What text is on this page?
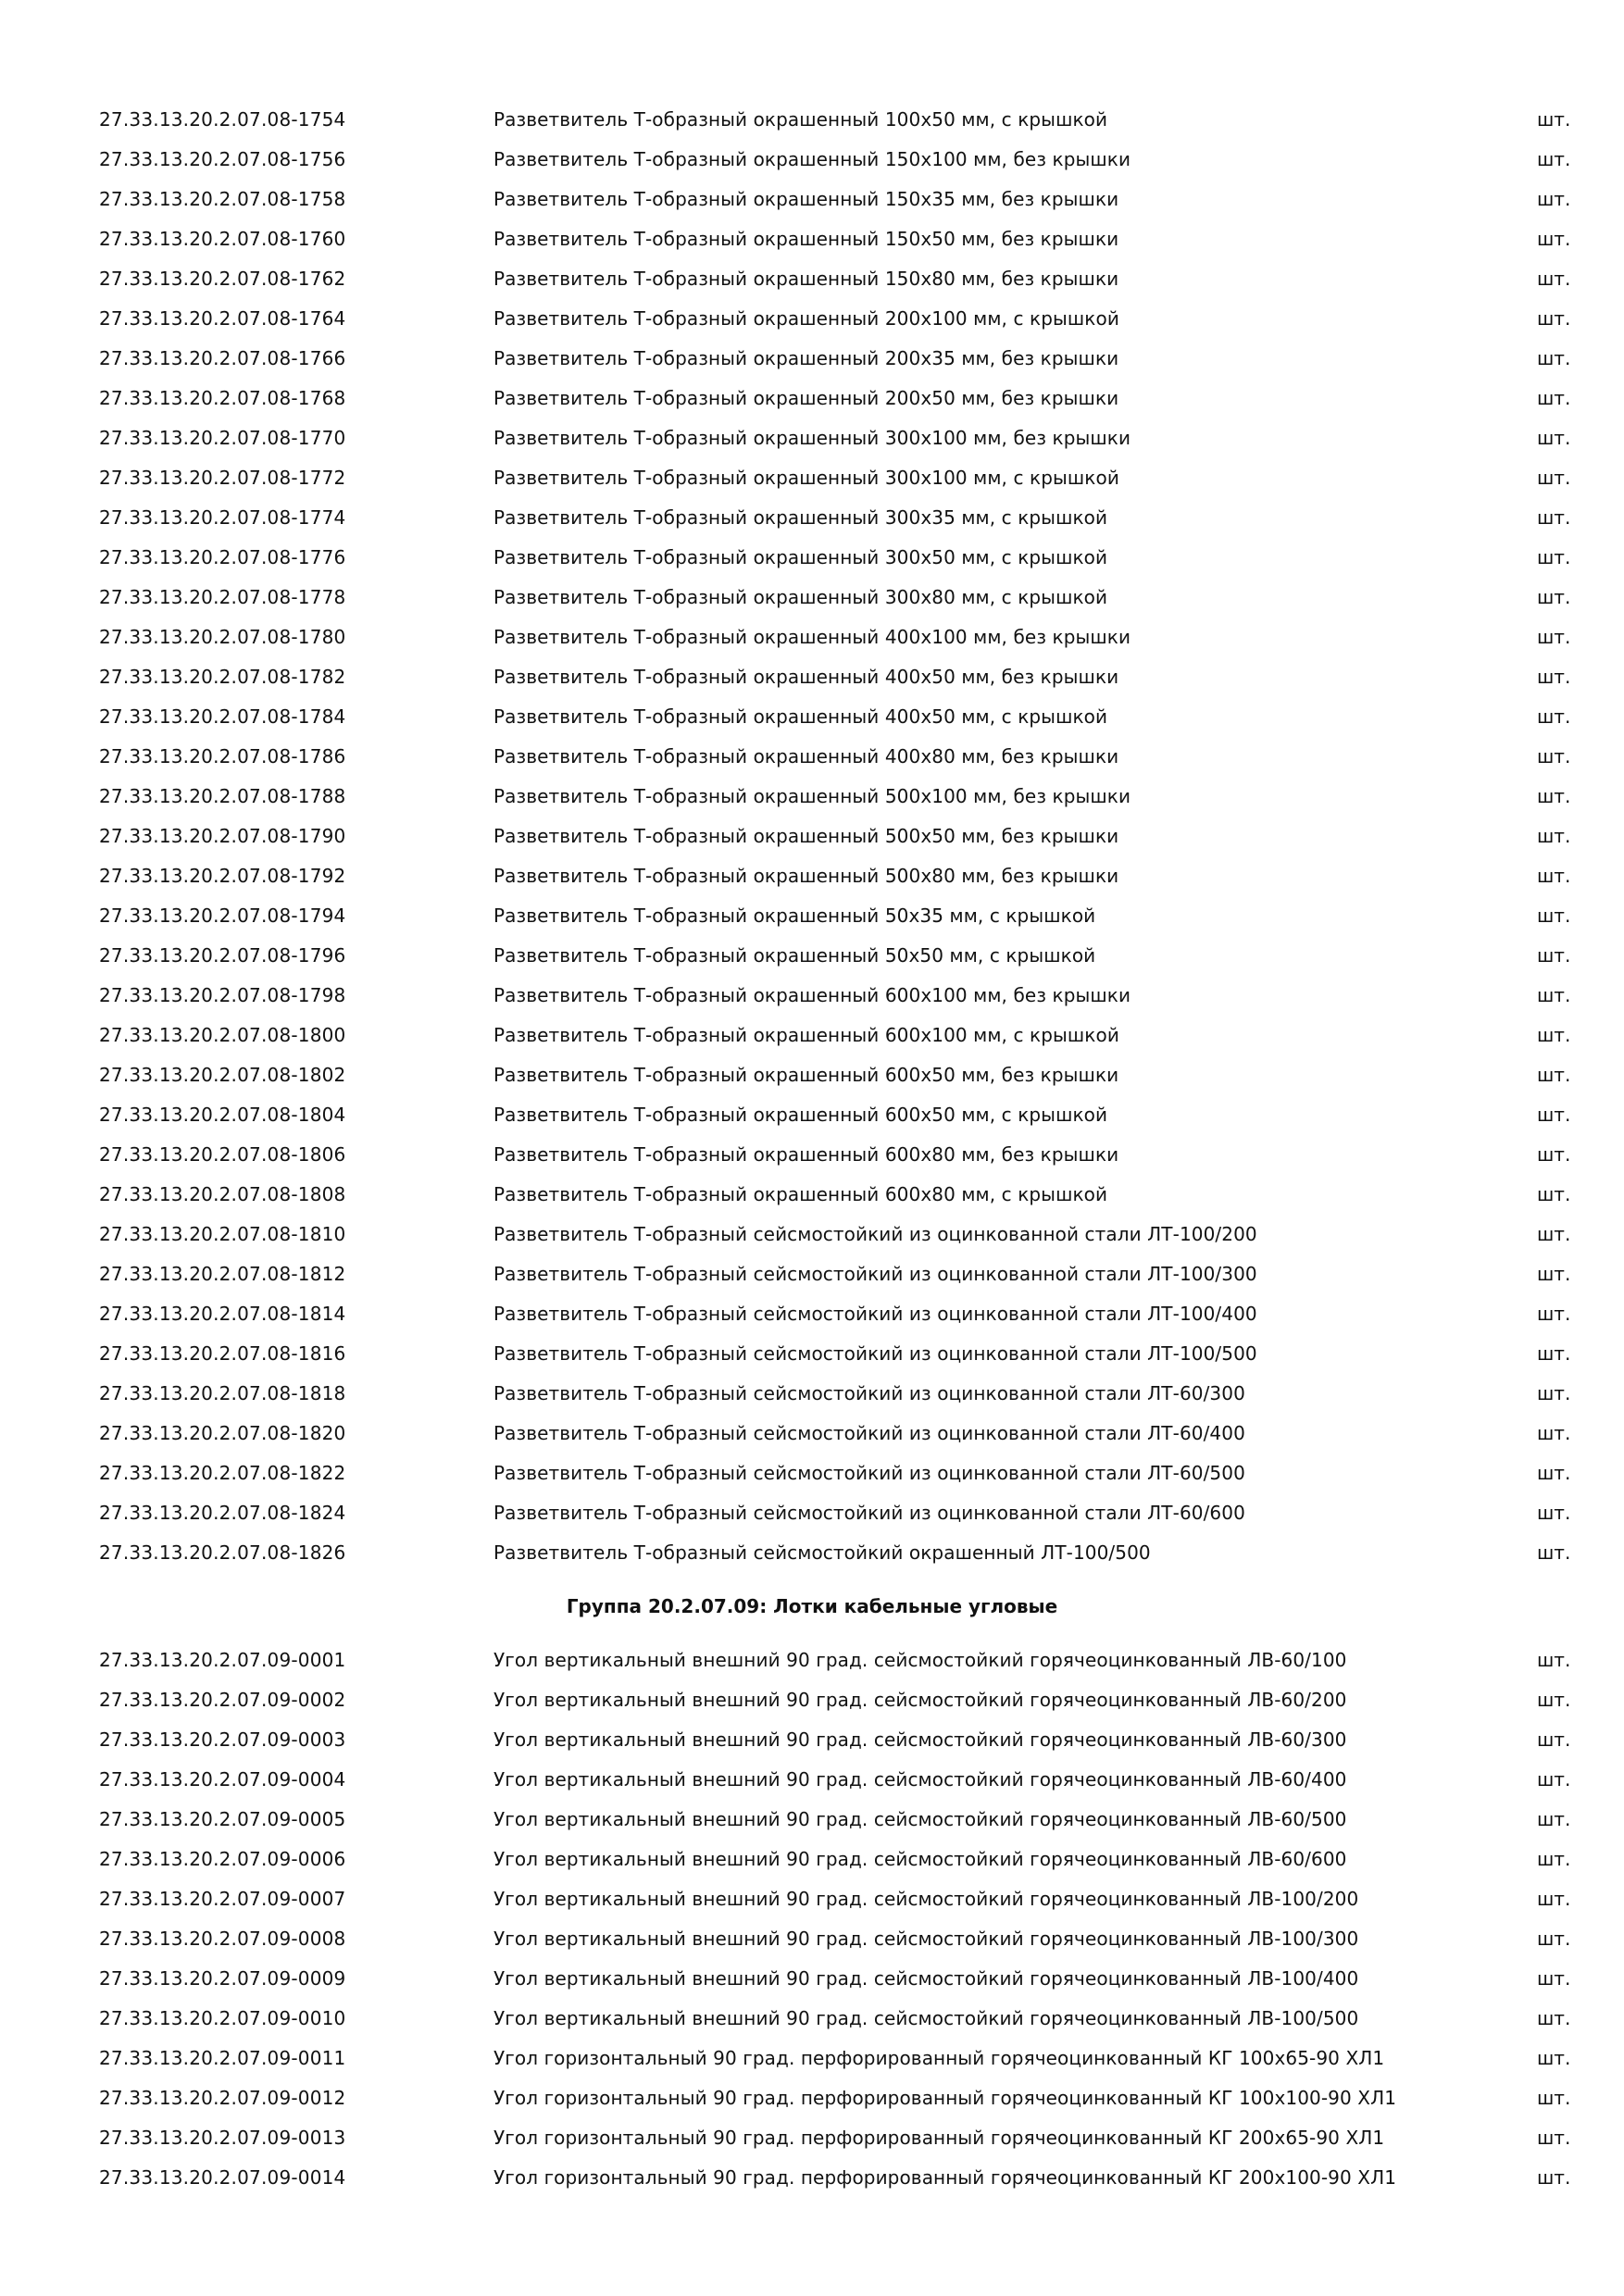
27.33.13.20.2.07.08-1754	Разветвитель Т-образный окрашенный 100х50 мм, с крышкой	шт.
27.33.13.20.2.07.08-1756	Разветвитель Т-образный окрашенный 150х100 мм, без крышки	шт.
27.33.13.20.2.07.08-1758	Разветвитель Т-образный окрашенный 150х35 мм, без крышки	шт.
27.33.13.20.2.07.08-1760	Разветвитель Т-образный окрашенный 150х50 мм, без крышки	шт.
27.33.13.20.2.07.08-1762	Разветвитель Т-образный окрашенный 150х80 мм, без крышки	шт.
27.33.13.20.2.07.08-1764	Разветвитель Т-образный окрашенный 200х100 мм, с крышкой	шт.
27.33.13.20.2.07.08-1766	Разветвитель Т-образный окрашенный 200х35 мм, без крышки	шт.
27.33.13.20.2.07.08-1768	Разветвитель Т-образный окрашенный 200х50 мм, без крышки	шт.
27.33.13.20.2.07.08-1770	Разветвитель Т-образный окрашенный 300х100 мм, без крышки	шт.
27.33.13.20.2.07.08-1772	Разветвитель Т-образный окрашенный 300х100 мм, с крышкой	шт.
27.33.13.20.2.07.08-1774	Разветвитель Т-образный окрашенный 300х35 мм, с крышкой	шт.
27.33.13.20.2.07.08-1776	Разветвитель Т-образный окрашенный 300х50 мм, с крышкой	шт.
27.33.13.20.2.07.08-1778	Разветвитель Т-образный окрашенный 300х80 мм, с крышкой	шт.
27.33.13.20.2.07.08-1780	Разветвитель Т-образный окрашенный 400х100 мм, без крышки	шт.
27.33.13.20.2.07.08-1782	Разветвитель Т-образный окрашенный 400х50 мм, без крышки	шт.
27.33.13.20.2.07.08-1784	Разветвитель Т-образный окрашенный 400х50 мм, с крышкой	шт.
27.33.13.20.2.07.08-1786	Разветвитель Т-образный окрашенный 400х80 мм, без крышки	шт.
27.33.13.20.2.07.08-1788	Разветвитель Т-образный окрашенный 500х100 мм, без крышки	шт.
27.33.13.20.2.07.08-1790	Разветвитель Т-образный окрашенный 500х50 мм, без крышки	шт.
27.33.13.20.2.07.08-1792	Разветвитель Т-образный окрашенный 500х80 мм, без крышки	шт.
27.33.13.20.2.07.08-1794	Разветвитель Т-образный окрашенный 50х35 мм, с крышкой	шт.
27.33.13.20.2.07.08-1796	Разветвитель Т-образный окрашенный 50х50 мм, с крышкой	шт.
27.33.13.20.2.07.08-1798	Разветвитель Т-образный окрашенный 600х100 мм, без крышки	шт.
27.33.13.20.2.07.08-1800	Разветвитель Т-образный окрашенный 600х100 мм, с крышкой	шт.
27.33.13.20.2.07.08-1802	Разветвитель Т-образный окрашенный 600х50 мм, без крышки	шт.
27.33.13.20.2.07.08-1804	Разветвитель Т-образный окрашенный 600х50 мм, с крышкой	шт.
27.33.13.20.2.07.08-1806	Разветвитель Т-образный окрашенный 600х80 мм, без крышки	шт.
27.33.13.20.2.07.08-1808	Разветвитель Т-образный окрашенный 600х80 мм, с крышкой	шт.
27.33.13.20.2.07.08-1810	Разветвитель Т-образный сейсмостойкий из оцинкованной стали ЛТ-100/200	шт.
27.33.13.20.2.07.08-1812	Разветвитель Т-образный сейсмостойкий из оцинкованной стали ЛТ-100/300	шт.
27.33.13.20.2.07.08-1814	Разветвитель Т-образный сейсмостойкий из оцинкованной стали ЛТ-100/400	шт.
27.33.13.20.2.07.08-1816	Разветвитель Т-образный сейсмостойкий из оцинкованной стали ЛТ-100/500	шт.
27.33.13.20.2.07.08-1818	Разветвитель Т-образный сейсмостойкий из оцинкованной стали ЛТ-60/300	шт.
27.33.13.20.2.07.08-1820	Разветвитель Т-образный сейсмостойкий из оцинкованной стали ЛТ-60/400	шт.
27.33.13.20.2.07.08-1822	Разветвитель Т-образный сейсмостойкий из оцинкованной стали ЛТ-60/500	шт.
27.33.13.20.2.07.08-1824	Разветвитель Т-образный сейсмостойкий из оцинкованной стали ЛТ-60/600	шт.
27.33.13.20.2.07.08-1826	Разветвитель Т-образный сейсмостойкий окрашенный ЛТ-100/500	шт.
Группа 20.2.07.09: Лотки кабельные угловые
27.33.13.20.2.07.09-0001	Угол вертикальный внешний 90 град. сейсмостойкий горячеоцинкованный ЛВ-60/100	шт.
27.33.13.20.2.07.09-0002	Угол вертикальный внешний 90 град. сейсмостойкий горячеоцинкованный ЛВ-60/200	шт.
27.33.13.20.2.07.09-0003	Угол вертикальный внешний 90 град. сейсмостойкий горячеоцинкованный ЛВ-60/300	шт.
27.33.13.20.2.07.09-0004	Угол вертикальный внешний 90 град. сейсмостойкий горячеоцинкованный ЛВ-60/400	шт.
27.33.13.20.2.07.09-0005	Угол вертикальный внешний 90 град. сейсмостойкий горячеоцинкованный ЛВ-60/500	шт.
27.33.13.20.2.07.09-0006	Угол вертикальный внешний 90 град. сейсмостойкий горячеоцинкованный ЛВ-60/600	шт.
27.33.13.20.2.07.09-0007	Угол вертикальный внешний 90 град. сейсмостойкий горячеоцинкованный ЛВ-100/200	шт.
27.33.13.20.2.07.09-0008	Угол вертикальный внешний 90 град. сейсмостойкий горячеоцинкованный ЛВ-100/300	шт.
27.33.13.20.2.07.09-0009	Угол вертикальный внешний 90 град. сейсмостойкий горячеоцинкованный ЛВ-100/400	шт.
27.33.13.20.2.07.09-0010	Угол вертикальный внешний 90 град. сейсмостойкий горячеоцинкованный ЛВ-100/500	шт.
27.33.13.20.2.07.09-0011	Угол горизонтальный 90 град. перфорированный горячеоцинкованный КГ 100х65-90 ХЛ1	шт.
27.33.13.20.2.07.09-0012	Угол горизонтальный 90 град. перфорированный горячеоцинкованный КГ 100х100-90 ХЛ1	шт.
27.33.13.20.2.07.09-0013	Угол горизонтальный 90 град. перфорированный горячеоцинкованный КГ 200х65-90 ХЛ1	шт.
27.33.13.20.2.07.09-0014	Угол горизонтальный 90 град. перфорированный горячеоцинкованный КГ 200х100-90 ХЛ1	шт.
